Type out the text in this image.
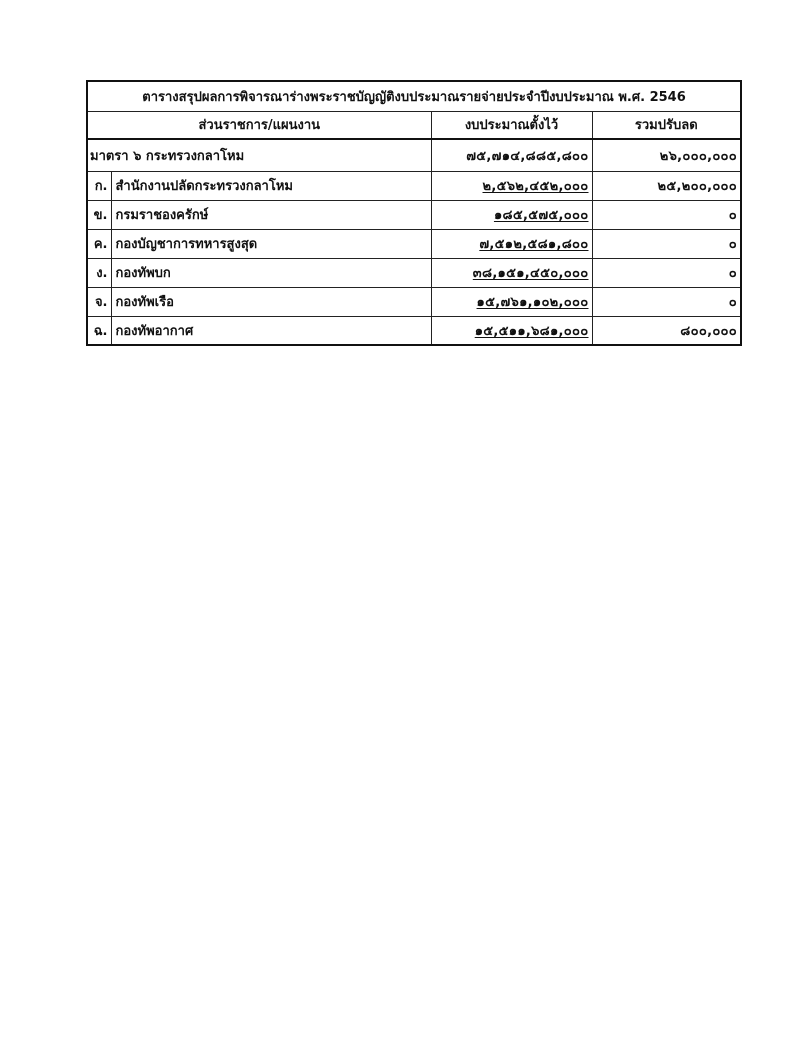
ตารางสรุปผลการพิจารณาร่างพระราชบัญญัติงบประมาณรายจ่ายประจำปีงบประมาณ พ.ศ. 2546			
ส่วนราชการ/แผนงาน		งบประมาณตั้งไว้	รวมปรับลด
มาตรา ๖ กระทรวงกลาโหม		๗๕,๗๑๔,๘๘๕,๘๐๐	๒๖,๐๐๐,๐๐๐
ก.	สำนักงานปลัดกระทรวงกลาโหม	๒,๕๖๒,๔๕๒,๐๐๐	๒๕,๒๐๐,๐๐๐
ข.	กรมราชองครักษ์	๑๘๕,๕๗๕,๐๐๐	๐
ค.	กองบัญชาการทหารสูงสุด	๗,๕๑๒,๕๘๑,๘๐๐	๐
ง.	กองทัพบก	๓๘,๑๕๑,๔๕๐,๐๐๐	๐
จ.	กองทัพเรือ	๑๕,๗๖๑,๑๐๒,๐๐๐	๐
ฉ.	กองทัพอากาศ	๑๕,๕๑๑,๖๘๑,๐๐๐	๘๐๐,๐๐๐
